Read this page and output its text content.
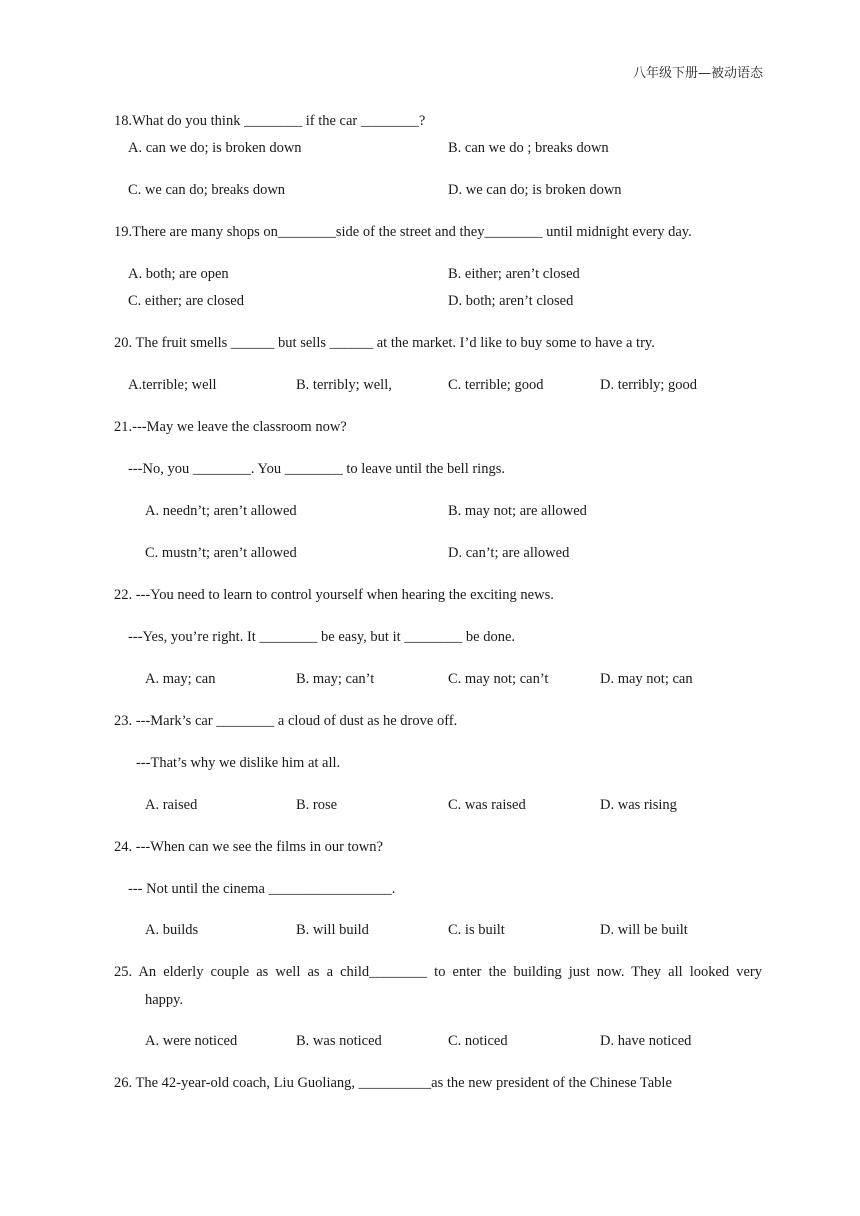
八年级下册—被动语态
18.What do you think ________ if the car ________?
A. can we do; is broken down	B. can we do ; breaks down
C. we can do; breaks down	D. we can do; is broken down
19.There are many shops on________side of the street and they________ until midnight every day.
A. both; are open	B. either; aren’t closed
C. either; are closed	D. both; aren’t closed
20. The fruit smells ______ but sells ______ at the market. I’d like to buy some to have a try.
A.terrible; well	B. terribly; well,	C. terrible; good	D. terribly; good
21.---May we leave the classroom now?
---No, you ________. You ________ to leave until the bell rings.
A. needn’t; aren’t allowed	B. may not; are allowed
C. mustn’t; aren’t allowed	D. can’t; are allowed
22. ---You need to learn to control yourself when hearing the exciting news.
---Yes, you’re right. It ________ be easy, but it ________ be done.
A. may; can	B. may; can’t	C. may not; can’t	D. may not; can
23. ---Mark’s car ________ a cloud of dust as he drove off.
---That’s why we dislike him at all.
A. raised	B. rose	C. was raised	D. was rising
24. ---When can we see the films in our town?
--- Not until the cinema _________________.
A. builds	B. will build	C. is built	D. will be built
25. An elderly couple as well as a child________ to enter the building just now. They all looked very
happy.
A. were noticed	B. was noticed	C. noticed	D. have noticed
26. The 42-year-old coach, Liu Guoliang, __________as the new president of the Chinese Table
